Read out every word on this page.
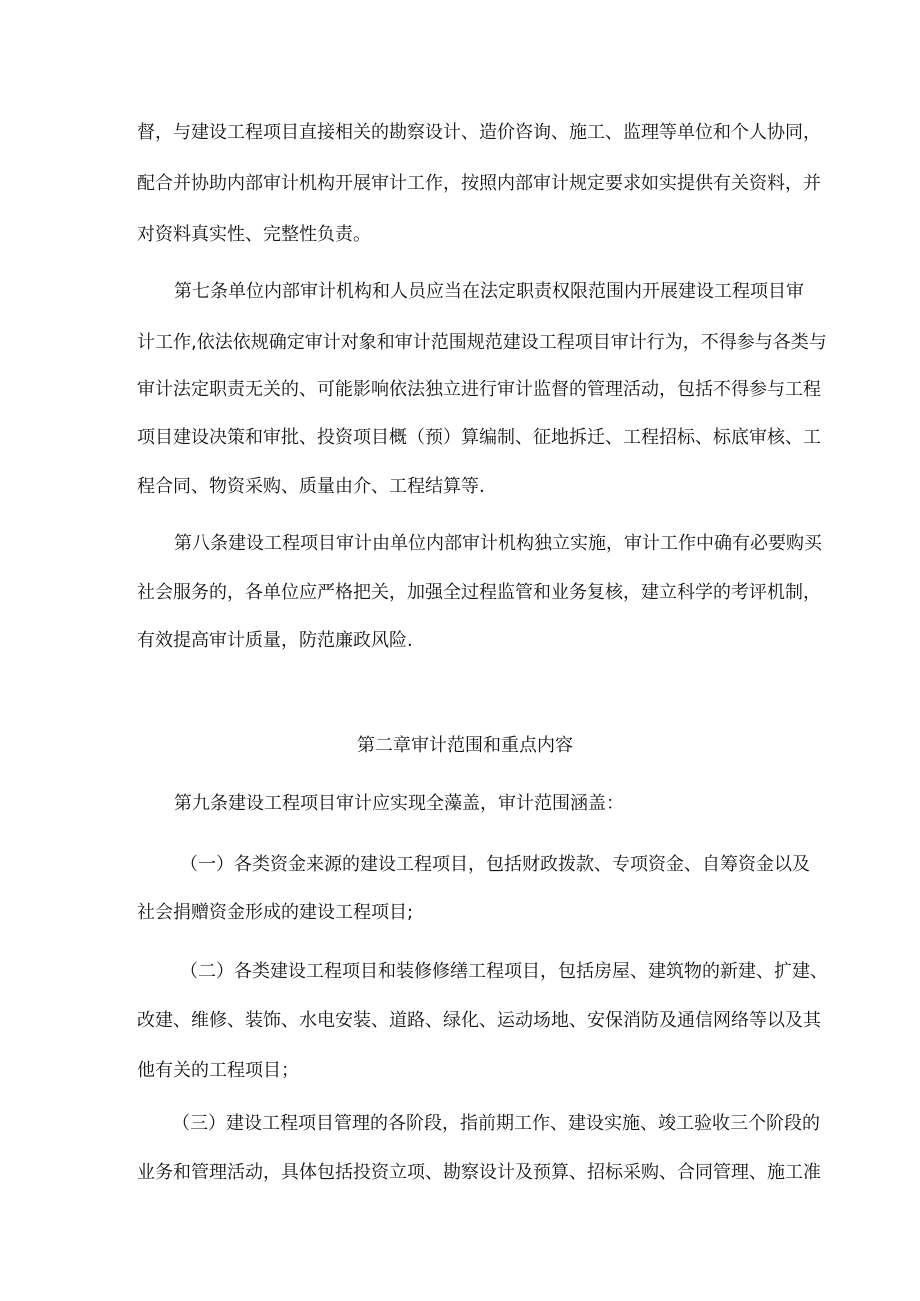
督，与建设工程项目直接相关的勘察设计、造价咨询、施工、监理等单位和个人协同，
配合并协助内部审计机构开展审计工作，按照内部审计规定要求如实提供有关资料，并
对资料真实性、完整性负责。
第七条单位内部审计机构和人员应当在法定职责权限范围内开展建设工程项目审
计工作,依法依规确定审计对象和审计范围规范建设工程项目审计行为，不得参与各类与
审计法定职责无关的、可能影响依法独立进行审计监督的管理活动，包括不得参与工程
项目建设决策和审批、投资项目概（预）算编制、征地拆迁、工程招标、标底审核、工
程合同、物资采购、质量由介、工程结算等.
第八条建设工程项目审计由单位内部审计机构独立实施，审计工作中确有必要购买
社会服务的，各单位应严格把关，加强全过程监管和业务复核，建立科学的考评机制，
有效提高审计质量，防范廉政风险.
第二章审计范围和重点内容
第九条建设工程项目审计应实现全藻盖，审计范围涵盖：
（一）各类资金来源的建设工程项目，包括财政拨款、专项资金、自筹资金以及
社会捐赠资金形成的建设工程项目;
（二）各类建设工程项目和装修修缮工程项目，包括房屋、建筑物的新建、扩建、
改建、维修、装饰、水电安装、道路、绿化、运动场地、安保消防及通信网络等以及其
他有关的工程项目；
（三）建设工程项目管理的各阶段，指前期工作、建设实施、竣工验收三个阶段的
业务和管理活动，具体包括投资立项、勘察设计及预算、招标采购、合同管理、施工准
